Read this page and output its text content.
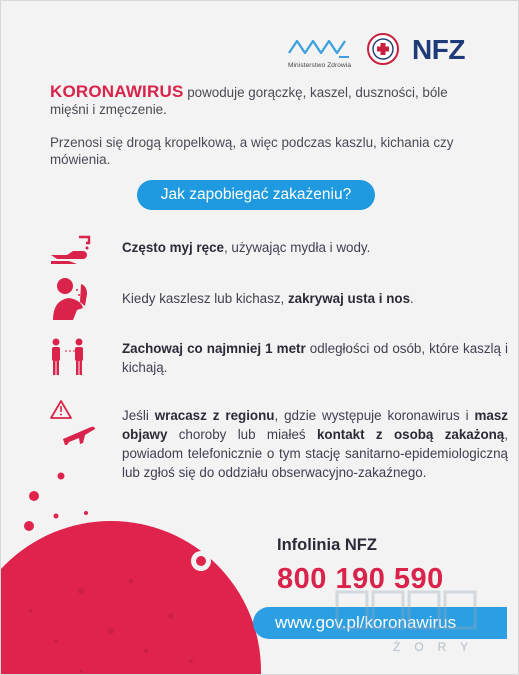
Ministerstwo Zdrowia
NFZ
KORONAWIRUS powoduje gorączkę, kaszel, duszności, bóle mięśni i zmęczenie.
Przenosi się drogą kropelkową, a więc podczas kaszlu, kichania czy mówienia.
Jak zapobiegać zakażeniu?
Często myj ręce, używając mydła i wody.
Kiedy kaszlesz lub kichasz, zakrywaj usta i nos.
Zachowaj co najmniej 1 metr odległości od osób, które kaszlą i kichają.
Jeśli wracasz z regionu, gdzie występuje koronawirus i masz objawy choroby lub miałeś kontakt z osobą zakażoną, powiadom telefonicznie o tym stację sanitarno-epidemiologiczną lub zgłoś się do oddziału obserwacyjno-zakaźnego.
Infolinia NFZ
800 190 590
www.gov.pl/koronawirus
ŻORY
